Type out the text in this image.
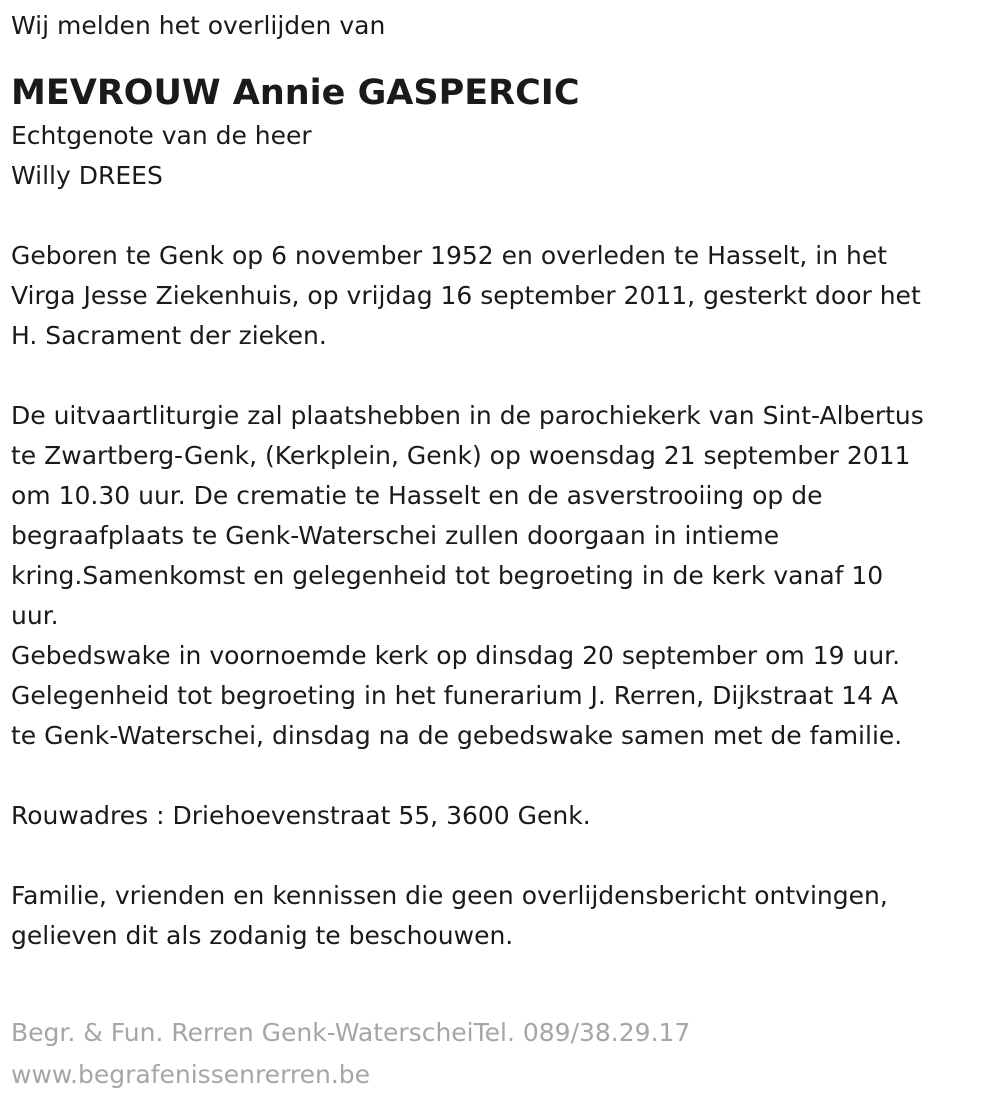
Wij melden het overlijden van

MEVROUW Annie GASPERCIC

Echtgenote van de heer

Willy DREES

Geboren te Genk op 6 november 1952 en overleden te Hasselt, in het
Virga Jesse Ziekenhuis, op vrijdag 16 september 2011, gesterkt door het
H. Sacrament der zieken.

De uitvaartliturgie zal plaatshebben in de parochiekerk van Sint-Albertus
te Zwartberg-Genk, (Kerkplein, Genk) op woensdag 21 september 2011
om 10.30 uur. De crematie te Hasselt en de asverstrooiing op de
begraafplaats te Genk-Waterschei zullen doorgaan in intieme
kring.Samenkomst en gelegenheid tot begroeting in de kerk vanaf 10
uur.

Gebedswake in voornoemde kerk op dinsdag 20 september om 19 uur.
Gelegenheid tot begroeting in het funerarium J. Rerren, Dijkstraat 14 A
te Genk-Waterschei, dinsdag na de gebedswake samen met de familie.

Rouwadres : Driehoevenstraat 55, 3600 Genk.

Familie, vrienden en kennissen die geen overlijdensbericht ontvingen,
gelieven dit als zodanig te beschouwen.

Begr. & Fun. Rerren Genk-WaterscheiTel. 089/38.29.17
www.begrafenissenrerren.be
